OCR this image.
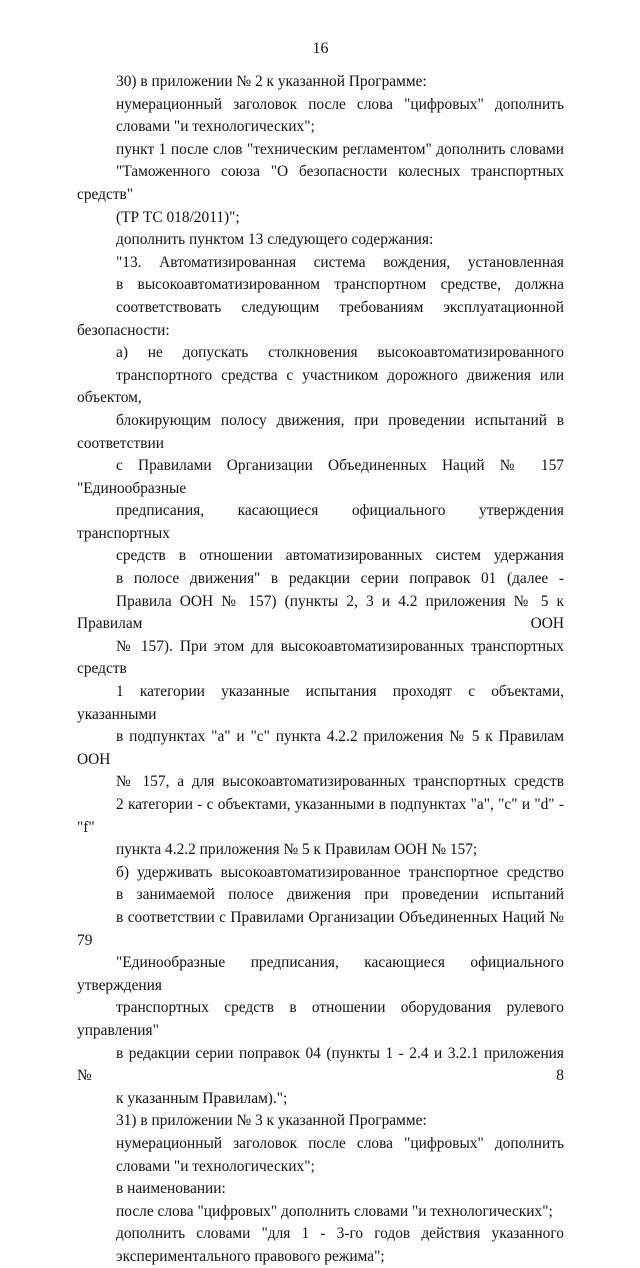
16

30) в приложении № 2 к указанной Программе:

нумерационный заголовок после слова "цифровых" дополнить
словами "и технологических";

пункт 1 после слов "техническим регламентом" дополнить словами
"Таможенного союза "О безопасности колесных транспортных средств"
(ТР ТС 018/2011)";

дополнить пунктом 13 следующего содержания:

"13. Автоматизированная система вождения, установленная
в высокоавтоматизированном транспортном средстве, должна
соответствовать следующим требованиям эксплуатационной безопасности:

а) не допускать столкновения высокоавтоматизированного
транспортного средства с участником дорожного движения или объектом,
блокирующим полосу движения, при проведении испытаний в соответствии
с Правилами Организации Объединенных Наций № 157 "Единообразные
предписания, касающиеся официального утверждения транспортных
средств в отношении автоматизированных систем удержания
в полосе движения" в редакции серии поправок 01 (далее -
Правила ООН № 157) (пункты 2, 3 и 4.2 приложения № 5 к Правилам ООН
№ 157). При этом для высокоавтоматизированных транспортных средств
1 категории указанные испытания проходят с объектами, указанными
в подпунктах "а" и "с" пункта 4.2.2 приложения № 5 к Правилам ООН
№ 157, а для высокоавтоматизированных транспортных средств
2 категории - с объектами, указанными в подпунктах "а", "с" и "d" - "f"
пункта 4.2.2 приложения № 5 к Правилам ООН № 157;

б) удерживать высокоавтоматизированное транспортное средство
в занимаемой полосе движения при проведении испытаний
в соответствии с Правилами Организации Объединенных Наций № 79
"Единообразные предписания, касающиеся официального утверждения
транспортных средств в отношении оборудования рулевого управления"
в редакции серии поправок 04 (пункты 1 - 2.4 и 3.2.1 приложения № 8
к указанным Правилам).";

31) в приложении № 3 к указанной Программе:

нумерационный заголовок после слова "цифровых" дополнить
словами "и технологических";

в наименовании:

после слова "цифровых" дополнить словами "и технологических";

дополнить словами "для 1 - 3-го годов действия указанного
экспериментального правового режима";
